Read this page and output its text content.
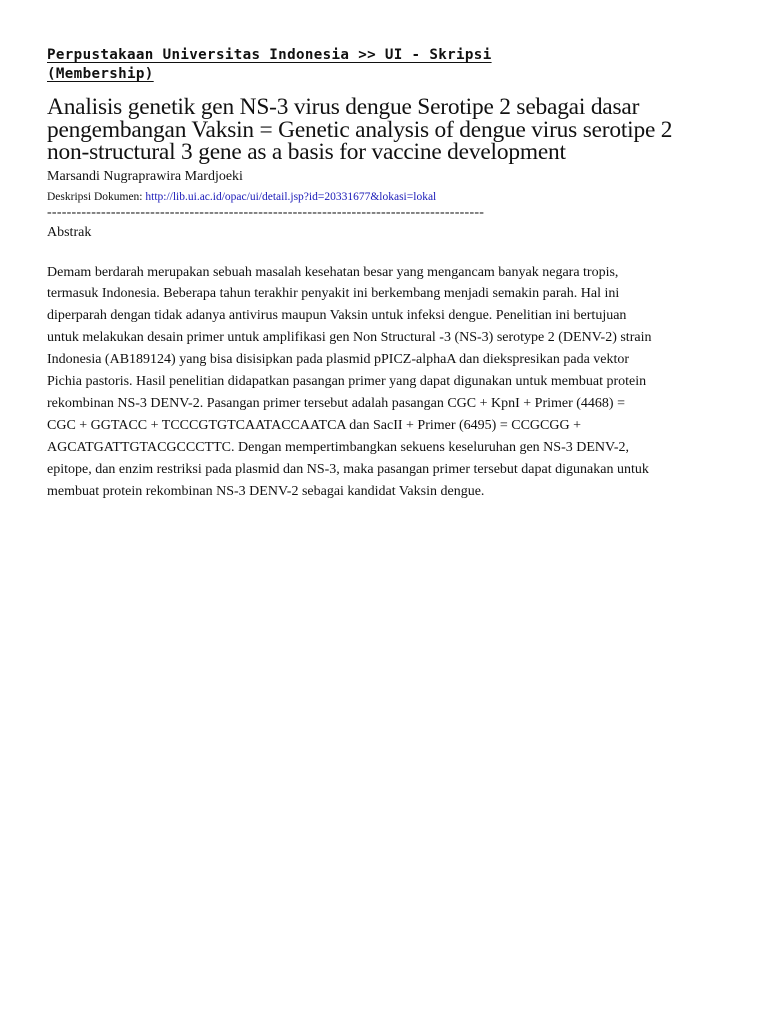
Perpustakaan Universitas Indonesia >> UI - Skripsi
(Membership)
Analisis genetik gen NS-3 virus dengue Serotipe 2 sebagai dasar
pengembangan Vaksin = Genetic analysis of dengue virus serotipe 2
non-structural 3 gene as a basis for vaccine development
Marsandi Nugraprawira Mardjoeki
Deskripsi Dokumen: http://lib.ui.ac.id/opac/ui/detail.jsp?id=20331677&lokasi=lokal
-----------------------------------------------------------------------------------------
Abstrak
Demam berdarah merupakan sebuah masalah kesehatan besar yang mengancam banyak negara tropis,
termasuk Indonesia. Beberapa tahun terakhir penyakit ini berkembang menjadi semakin parah. Hal ini
diperparah dengan tidak adanya antivirus maupun Vaksin untuk infeksi dengue. Penelitian ini bertujuan
untuk melakukan desain primer untuk amplifikasi gen Non Structural -3 (NS-3) serotype 2 (DENV-2) strain
Indonesia (AB189124) yang bisa disisipkan pada plasmid pPICZ-alphaA dan diekspresikan pada vektor
Pichia pastoris. Hasil penelitian didapatkan pasangan primer yang dapat digunakan untuk membuat protein
rekombinan NS-3 DENV-2. Pasangan primer tersebut adalah pasangan CGC + KpnI + Primer (4468) =
CGC + GGTACC + TCCCGTGTCAATACCAATCA dan SacII + Primer (6495) = CCGCGG +
AGCATGATTGTACGCCCTTC. Dengan mempertimbangkan sekuens keseluruhan gen NS-3 DENV-2,
epitope, dan enzim restriksi pada plasmid dan NS-3, maka pasangan primer tersebut dapat digunakan untuk
membuat protein rekombinan NS-3 DENV-2 sebagai kandidat Vaksin dengue.
